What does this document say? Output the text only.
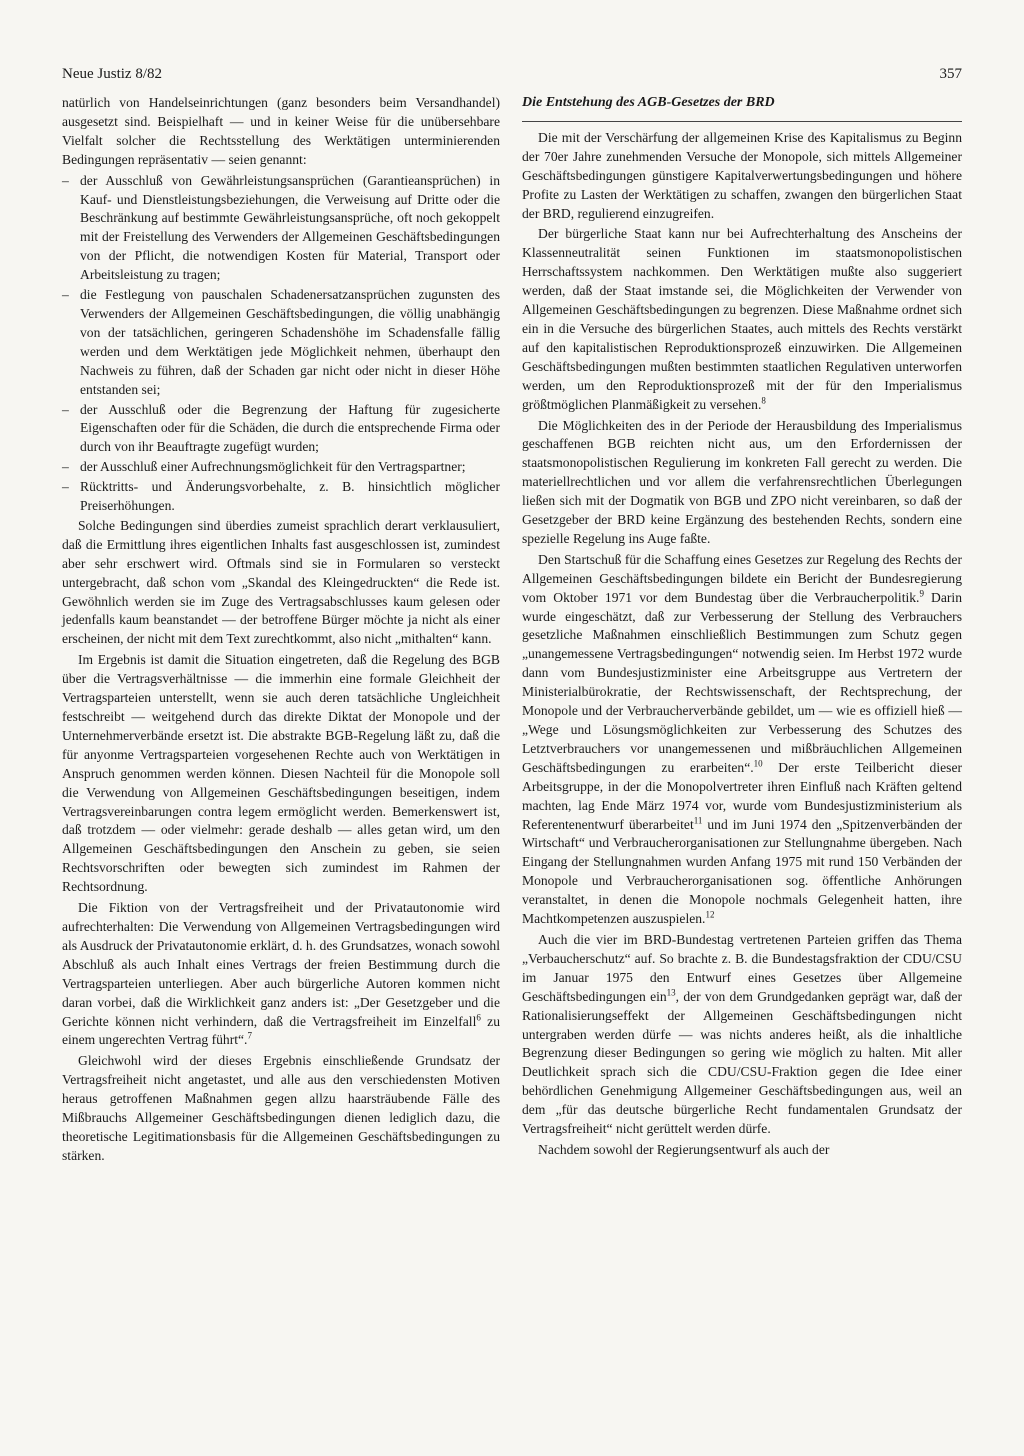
Neue Justiz 8/82	357

natürlich von Handelseinrichtungen (ganz besonders beim Versandhandel) ausgesetzt sind. Beispielhaft — und in keiner Weise für die unübersehbare Vielfalt solcher die Rechtsstellung des Werktätigen unterminierenden Bedingungen repräsentativ — seien genannt:

– der Ausschluß von Gewährleistungsansprüchen (Garantieansprüchen) in Kauf- und Dienstleistungsbeziehungen, die Verweisung auf Dritte oder die Beschränkung auf bestimmte Gewährleistungsansprüche, oft noch gekoppelt mit der Freistellung des Verwenders der Allgemeinen Geschäftsbedingungen von der Pflicht, die notwendigen Kosten für Material, Transport oder Arbeitsleistung zu tragen;
– die Festlegung von pauschalen Schadenersatzansprüchen zugunsten des Verwenders der Allgemeinen Geschäftsbedingungen, die völlig unabhängig von der tatsächlichen, geringeren Schadenshöhe im Schadensfalle fällig werden und dem Werktätigen jede Möglichkeit nehmen, überhaupt den Nachweis zu führen, daß der Schaden gar nicht oder nicht in dieser Höhe entstanden sei;
– der Ausschluß oder die Begrenzung der Haftung für zugesicherte Eigenschaften oder für die Schäden, die durch die entsprechende Firma oder durch von ihr Beauftragte zugefügt wurden;
– der Ausschluß einer Aufrechnungsmöglichkeit für den Vertragspartner;
– Rücktritts- und Änderungsvorbehalte, z. B. hinsichtlich möglicher Preiserhöhungen.

Solche Bedingungen sind überdies zumeist sprachlich derart verklausuliert, daß die Ermittlung ihres eigentlichen Inhalts fast ausgeschlossen ist, zumindest aber sehr erschwert wird. Oftmals sind sie in Formularen so versteckt untergebracht, daß schon vom „Skandal des Kleingedruckten“ die Rede ist. Gewöhnlich werden sie im Zuge des Vertragsabschlusses kaum gelesen oder jedenfalls kaum beanstandet — der betroffene Bürger möchte ja nicht als einer erscheinen, der nicht mit dem Text zurechtkommt, also nicht „mithalten“ kann.

Im Ergebnis ist damit die Situation eingetreten, daß die Regelung des BGB über die Vertragsverhältnisse — die immerhin eine formale Gleichheit der Vertragsparteien unterstellt, wenn sie auch deren tatsächliche Ungleichheit festschreibt — weitgehend durch das direkte Diktat der Monopole und der Unternehmerverbände ersetzt ist. Die abstrakte BGB-Regelung läßt zu, daß die für anyonme Vertragsparteien vorgesehenen Rechte auch von Werktätigen in Anspruch genommen werden können. Diesen Nachteil für die Monopole soll die Verwendung von Allgemeinen Geschäftsbedingungen beseitigen, indem Vertragsvereinbarungen contra legem ermöglicht werden. Bemerkenswert ist, daß trotzdem — oder vielmehr: gerade deshalb — alles getan wird, um den Allgemeinen Geschäftsbedingungen den Anschein zu geben, sie seien Rechtsvorschriften oder bewegten sich zumindest im Rahmen der Rechtsordnung.

Die Fiktion von der Vertragsfreiheit und der Privatautonomie wird aufrechterhalten: Die Verwendung von Allgemeinen Vertragsbedingungen wird als Ausdruck der Privatautonomie erklärt, d. h. des Grundsatzes, wonach sowohl Abschluß als auch Inhalt eines Vertrags der freien Bestimmung durch die Vertragsparteien unterliegen. Aber auch bürgerliche Autoren kommen nicht daran vorbei, daß die Wirklichkeit ganz anders ist: „Der Gesetzgeber und die Gerichte können nicht verhindern, daß die Vertragsfreiheit im Einzelfall$^6$ zu einem ungerechten Vertrag führt“.$^7$

Gleichwohl wird der dieses Ergebnis einschließende Grundsatz der Vertragsfreiheit nicht angetastet, und alle aus den verschiedensten Motiven heraus getroffenen Maßnahmen gegen allzu haarsträubende Fälle des Mißbrauchs Allgemeiner Geschäftsbedingungen dienen lediglich dazu, die theoretische Legitimationsbasis für die Allgemeinen Geschäftsbedingungen zu stärken.

Die Entstehung des AGB-Gesetzes der BRD

Die mit der Verschärfung der allgemeinen Krise des Kapitalismus zu Beginn der 70er Jahre zunehmenden Versuche der Monopole, sich mittels Allgemeiner Geschäftsbedingungen günstigere Kapitalverwertungsbedingungen und höhere Profite zu Lasten der Werktätigen zu schaffen, zwangen den bürgerlichen Staat der BRD, regulierend einzugreifen.

Der bürgerliche Staat kann nur bei Aufrechterhaltung des Anscheins der Klassenneutralität seinen Funktionen im staatsmonopolistischen Herrschaftssystem nachkommen. Den Werktätigen mußte also suggeriert werden, daß der Staat imstande sei, die Möglichkeiten der Verwender von Allgemeinen Geschäftsbedingungen zu begrenzen. Diese Maßnahme ordnet sich ein in die Versuche des bürgerlichen Staates, auch mittels des Rechts verstärkt auf den kapitalistischen Reproduktionsprozeß einzuwirken. Die Allgemeinen Geschäftsbedingungen mußten bestimmten staatlichen Regulativen unterworfen werden, um den Reproduktionsprozeß mit der für den Imperialismus größtmöglichen Planmäßigkeit zu versehen.$^8$

Die Möglichkeiten des in der Periode der Herausbildung des Imperialismus geschaffenen BGB reichten nicht aus, um den Erfordernissen der staatsmonopolistischen Regulierung im konkreten Fall gerecht zu werden. Die materiellrechtlichen und vor allem die verfahrensrechtlichen Überlegungen ließen sich mit der Dogmatik von BGB und ZPO nicht vereinbaren, so daß der Gesetzgeber der BRD keine Ergänzung des bestehenden Rechts, sondern eine spezielle Regelung ins Auge faßte.

Den Startschuß für die Schaffung eines Gesetzes zur Regelung des Rechts der Allgemeinen Geschäftsbedingungen bildete ein Bericht der Bundesregierung vom Oktober 1971 vor dem Bundestag über die Verbraucherpolitik.$^9$ Darin wurde eingeschätzt, daß zur Verbesserung der Stellung des Verbrauchers gesetzliche Maßnahmen einschließlich Bestimmungen zum Schutz gegen „unangemessene Vertragsbedingungen“ notwendig seien. Im Herbst 1972 wurde dann vom Bundesjustizminister eine Arbeitsgruppe aus Vertretern der Ministerialbürokratie, der Rechtswissenschaft, der Rechtsprechung, der Monopole und der Verbraucherverbände gebildet, um — wie es offiziell hieß — „Wege und Lösungsmöglichkeiten zur Verbesserung des Schutzes des Letztverbrauchers vor unangemessenen und mißbräuchlichen Allgemeinen Geschäftsbedingungen zu erarbeiten“.$^{10}$ Der erste Teilbericht dieser Arbeitsgruppe, in der die Monopolvertreter ihren Einfluß nach Kräften geltend machten, lag Ende März 1974 vor, wurde vom Bundesjustizministerium als Referentenentwurf überarbeitet$^{11}$ und im Juni 1974 den „Spitzenverbänden der Wirtschaft“ und Verbraucherorganisationen zur Stellungnahme übergeben. Nach Eingang der Stellungnahmen wurden Anfang 1975 mit rund 150 Verbänden der Monopole und Verbraucherorganisationen sog. öffentliche Anhörungen veranstaltet, in denen die Monopole nochmals Gelegenheit hatten, ihre Machtkompetenzen auszuspielen.$^{12}$

Auch die vier im BRD-Bundestag vertretenen Parteien griffen das Thema „Verbaucherschutz“ auf. So brachte z. B. die Bundestagsfraktion der CDU/CSU im Januar 1975 den Entwurf eines Gesetzes über Allgemeine Geschäftsbedingungen ein$^{13}$, der von dem Grundgedanken geprägt war, daß der Rationalisierungseffekt der Allgemeinen Geschäftsbedingungen nicht untergraben werden dürfe — was nichts anderes heißt, als die inhaltliche Begrenzung dieser Bedingungen so gering wie möglich zu halten. Mit aller Deutlichkeit sprach sich die CDU/CSU-Fraktion gegen die Idee einer behördlichen Genehmigung Allgemeiner Geschäftsbedingungen aus, weil an dem „für das deutsche bürgerliche Recht fundamentalen Grundsatz der Vertragsfreiheit“ nicht gerüttelt werden dürfe.

Nachdem sowohl der Regierungsentwurf als auch der
